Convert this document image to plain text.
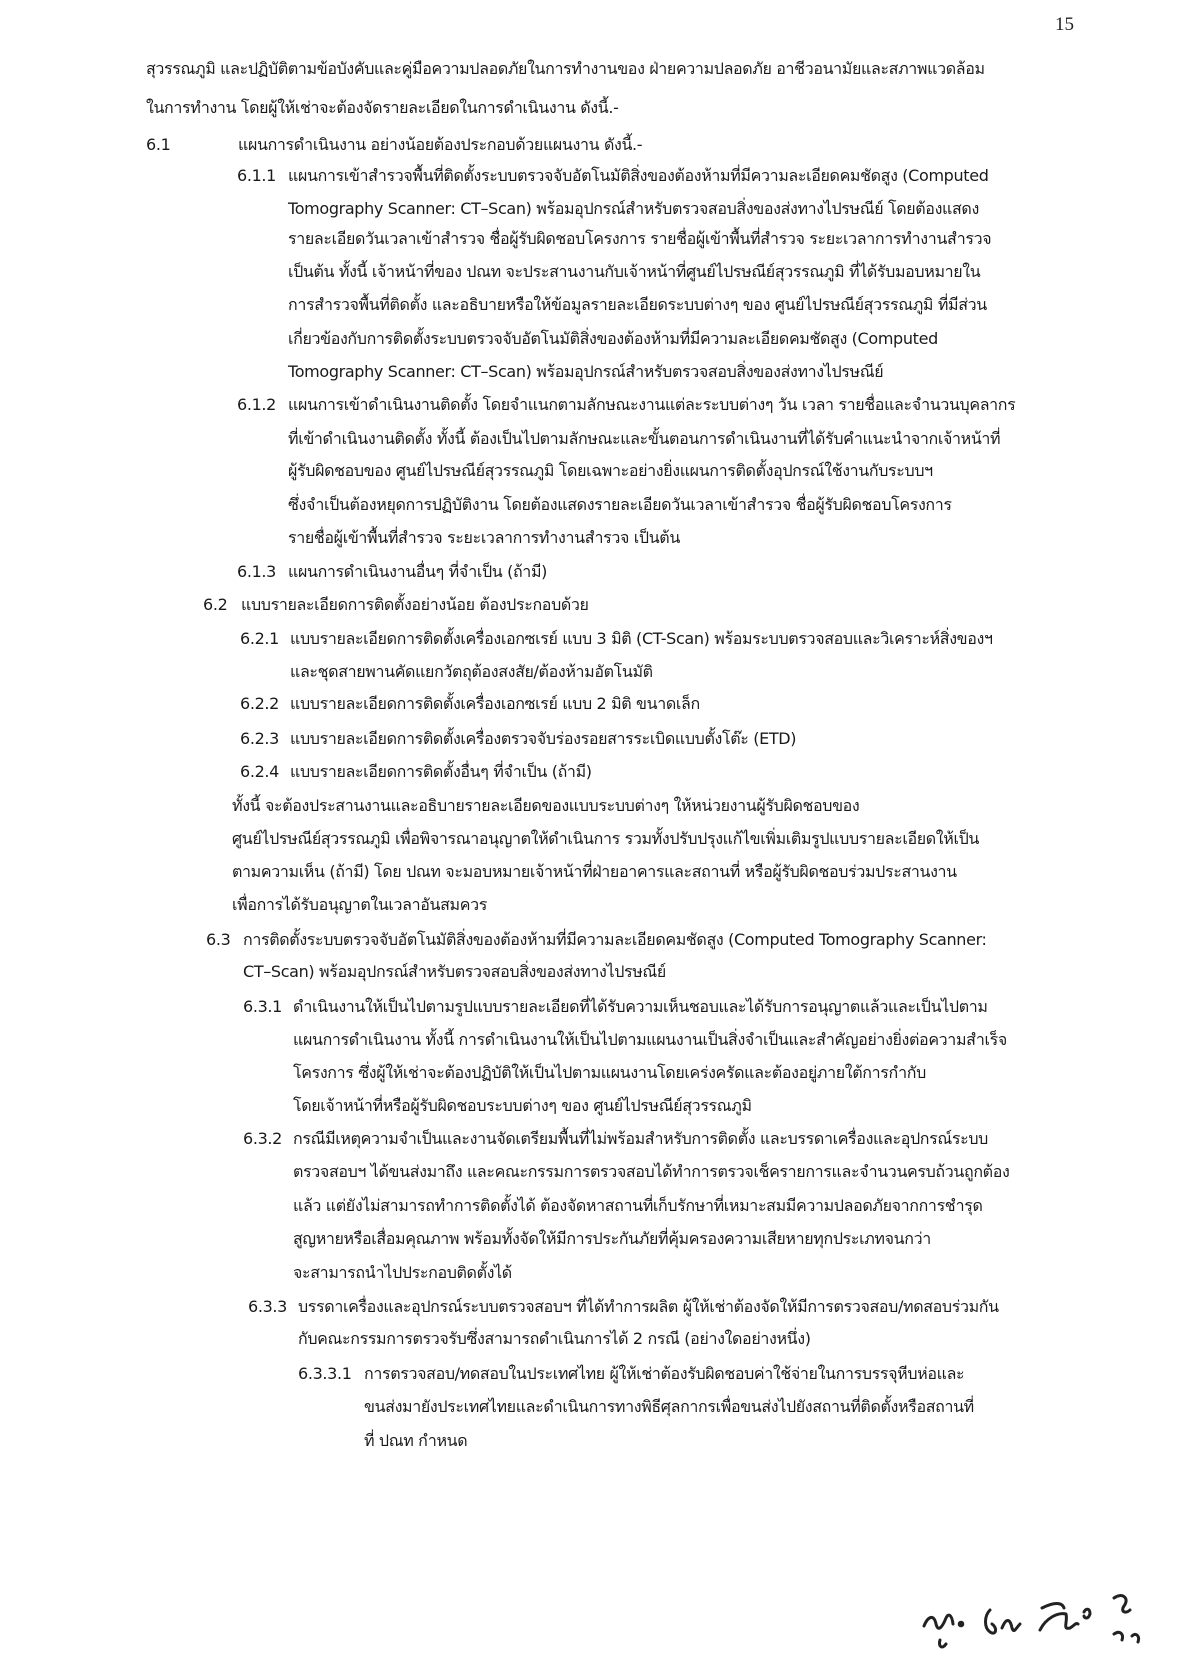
15
สุวรรณภูมิ และปฏิบัติตามข้อบังคับและคู่มือความปลอดภัยในการทำงานของ ฝ่ายความปลอดภัย อาชีวอนามัยและสภาพแวดล้อม
ในการทำงาน โดยผู้ให้เช่าจะต้องจัดรายละเอียดในการดำเนินงาน ดังนี้.-
6.1	แผนการดำเนินงาน อย่างน้อยต้องประกอบด้วยแผนงาน ดังนี้.-
6.1.1 แผนการเข้าสำรวจพื้นที่ติดตั้งระบบตรวจจับอัตโนมัติสิ่งของต้องห้ามที่มีความละเอียดคมชัดสูง (Computed
Tomography Scanner: CT–Scan) พร้อมอุปกรณ์สำหรับตรวจสอบสิ่งของส่งทางไปรษณีย์ โดยต้องแสดง
รายละเอียดวันเวลาเข้าสำรวจ ชื่อผู้รับผิดชอบโครงการ รายชื่อผู้เข้าพื้นที่สำรวจ ระยะเวลาการทำงานสำรวจ
เป็นต้น ทั้งนี้ เจ้าหน้าที่ของ ปณท จะประสานงานกับเจ้าหน้าที่ศูนย์ไปรษณีย์สุวรรณภูมิ ที่ได้รับมอบหมายใน
การสำรวจพื้นที่ติดตั้ง และอธิบายหรือให้ข้อมูลรายละเอียดระบบต่างๆ ของ ศูนย์ไปรษณีย์สุวรรณภูมิ ที่มีส่วน
เกี่ยวข้องกับการติดตั้งระบบตรวจจับอัตโนมัติสิ่งของต้องห้ามที่มีความละเอียดคมชัดสูง (Computed
Tomography Scanner: CT–Scan) พร้อมอุปกรณ์สำหรับตรวจสอบสิ่งของส่งทางไปรษณีย์
6.1.2 แผนการเข้าดำเนินงานติดตั้ง โดยจำแนกตามลักษณะงานแต่ละระบบต่างๆ วัน เวลา รายชื่อและจำนวนบุคลากร
ที่เข้าดำเนินงานติดตั้ง ทั้งนี้ ต้องเป็นไปตามลักษณะและขั้นตอนการดำเนินงานที่ได้รับคำแนะนำจากเจ้าหน้าที่
ผู้รับผิดชอบของ ศูนย์ไปรษณีย์สุวรรณภูมิ โดยเฉพาะอย่างยิ่งแผนการติดตั้งอุปกรณ์ใช้งานกับระบบฯ
ซึ่งจำเป็นต้องหยุดการปฏิบัติงาน โดยต้องแสดงรายละเอียดวันเวลาเข้าสำรวจ ชื่อผู้รับผิดชอบโครงการ
รายชื่อผู้เข้าพื้นที่สำรวจ ระยะเวลาการทำงานสำรวจ เป็นต้น
6.1.3 แผนการดำเนินงานอื่นๆ ที่จำเป็น (ถ้ามี)
6.2 แบบรายละเอียดการติดตั้งอย่างน้อย ต้องประกอบด้วย
6.2.1 แบบรายละเอียดการติดตั้งเครื่องเอกซเรย์ แบบ 3 มิติ (CT-Scan) พร้อมระบบตรวจสอบและวิเคราะห์สิ่งของฯ
และชุดสายพานคัดแยกวัตถุต้องสงสัย/ต้องห้ามอัตโนมัติ
6.2.2 แบบรายละเอียดการติดตั้งเครื่องเอกซเรย์ แบบ 2 มิติ ขนาดเล็ก
6.2.3 แบบรายละเอียดการติดตั้งเครื่องตรวจจับร่องรอยสารระเบิดแบบตั้งโต๊ะ (ETD)
6.2.4 แบบรายละเอียดการติดตั้งอื่นๆ ที่จำเป็น (ถ้ามี)
ทั้งนี้ จะต้องประสานงานและอธิบายรายละเอียดของแบบระบบต่างๆ ให้หน่วยงานผู้รับผิดชอบของ
ศูนย์ไปรษณีย์สุวรรณภูมิ เพื่อพิจารณาอนุญาตให้ดำเนินการ รวมทั้งปรับปรุงแก้ไขเพิ่มเติมรูปแบบรายละเอียดให้เป็น
ตามความเห็น (ถ้ามี) โดย ปณท จะมอบหมายเจ้าหน้าที่ฝ่ายอาคารและสถานที่ หรือผู้รับผิดชอบร่วมประสานงาน
เพื่อการได้รับอนุญาตในเวลาอันสมควร
6.3 การติดตั้งระบบตรวจจับอัตโนมัติสิ่งของต้องห้ามที่มีความละเอียดคมชัดสูง (Computed Tomography Scanner:
CT–Scan) พร้อมอุปกรณ์สำหรับตรวจสอบสิ่งของส่งทางไปรษณีย์
6.3.1 ดำเนินงานให้เป็นไปตามรูปแบบรายละเอียดที่ได้รับความเห็นชอบและได้รับการอนุญาตแล้วและเป็นไปตาม
แผนการดำเนินงาน ทั้งนี้ การดำเนินงานให้เป็นไปตามแผนงานเป็นสิ่งจำเป็นและสำคัญอย่างยิ่งต่อความสำเร็จ
โครงการ ซึ่งผู้ให้เช่าจะต้องปฏิบัติให้เป็นไปตามแผนงานโดยเคร่งครัดและต้องอยู่ภายใต้การกำกับ
โดยเจ้าหน้าที่หรือผู้รับผิดชอบระบบต่างๆ ของ ศูนย์ไปรษณีย์สุวรรณภูมิ
6.3.2 กรณีมีเหตุความจำเป็นและงานจัดเตรียมพื้นที่ไม่พร้อมสำหรับการติดตั้ง และบรรดาเครื่องและอุปกรณ์ระบบ
ตรวจสอบฯ ได้ขนส่งมาถึง และคณะกรรมการตรวจสอบได้ทำการตรวจเช็ครายการและจำนวนครบถ้วนถูกต้อง
แล้ว แต่ยังไม่สามารถทำการติดตั้งได้ ต้องจัดหาสถานที่เก็บรักษาที่เหมาะสมมีความปลอดภัยจากการชำรุด
สูญหายหรือเสื่อมคุณภาพ พร้อมทั้งจัดให้มีการประกันภัยที่คุ้มครองความเสียหายทุกประเภทจนกว่า
จะสามารถนำไปประกอบติดตั้งได้
6.3.3 บรรดาเครื่องและอุปกรณ์ระบบตรวจสอบฯ ที่ได้ทำการผลิต ผู้ให้เช่าต้องจัดให้มีการตรวจสอบ/ทดสอบร่วมกัน
กับคณะกรรมการตรวจรับซึ่งสามารถดำเนินการได้ 2 กรณี (อย่างใดอย่างหนึ่ง)
6.3.3.1 การตรวจสอบ/ทดสอบในประเทศไทย ผู้ให้เช่าต้องรับผิดชอบค่าใช้จ่ายในการบรรจุหีบห่อและ
ขนส่งมายังประเทศไทยและดำเนินการทางพิธีศุลกากรเพื่อขนส่งไปยังสถานที่ติดตั้งหรือสถานที่
ที่ ปณท กำหนด
